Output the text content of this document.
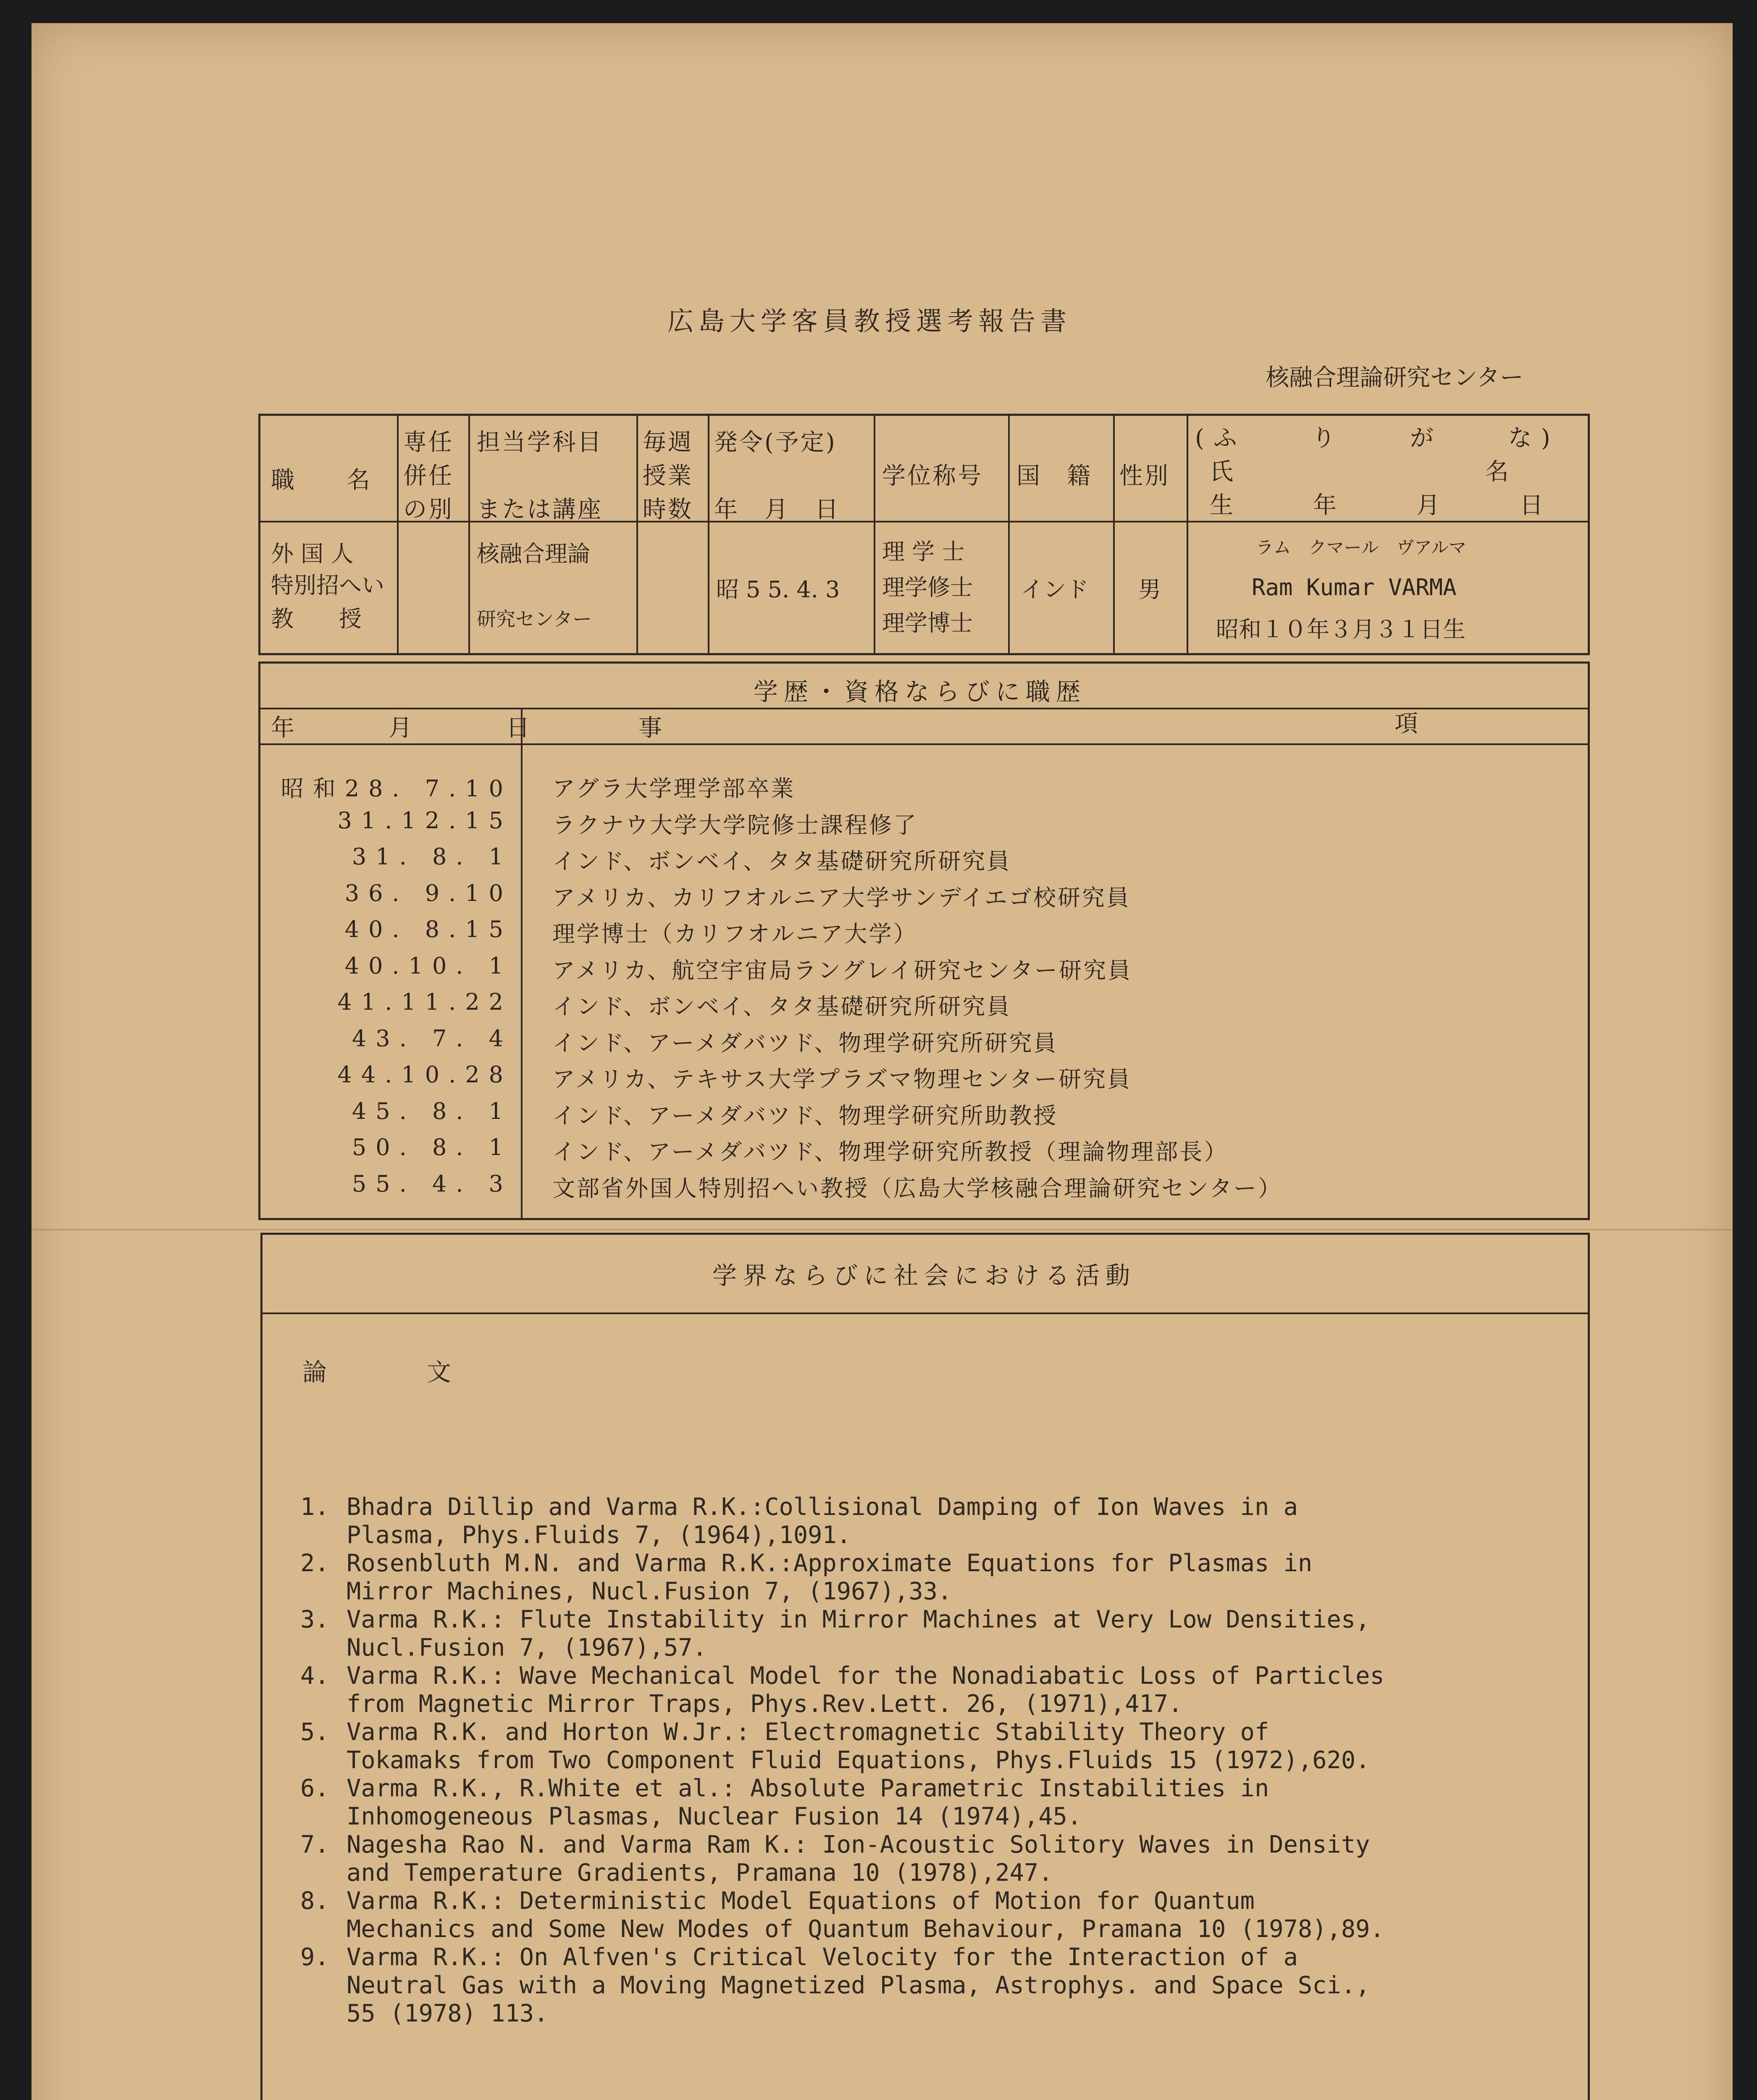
広島大学客員教授選考報告書
核融合理論研究センター
職　　名
専任
併任
の別
担当学科目
または講座
毎週
授業
時数
発令(予定)
年　月　日
学位称号 国　籍 性別
(ふ　　り　　が　　な)
氏　　　　　　　名
生　　年　　月　　日
外 国 人
特別招へい
教　　授
核融合理論
研究センター
昭 5 5. 4. 3
理 学 士
理学修士
理学博士
インド 男
ラム　クマール　ヴアルマ
Ram Kumar VARMA
昭和１０年３月３１日生
学歴・資格ならびに職歴
年　　　月　　　日	事	項
昭和28. 7.10 アグラ大学理学部卒業
31.12.15 ラクナウ大学大学院修士課程修了
31. 8. 1 インド、ボンベイ、タタ基礎研究所研究員
36. 9.10 アメリカ、カリフオルニア大学サンデイエゴ校研究員
40. 8.15 理学博士（カリフオルニア大学）
40.10. 1 アメリカ、航空宇宙局ラングレイ研究センター研究員
41.11.22 インド、ボンベイ、タタ基礎研究所研究員
43. 7. 4 インド、アーメダバツド、物理学研究所研究員
44.10.28 アメリカ、テキサス大学プラズマ物理センター研究員
45. 8. 1 インド、アーメダバツド、物理学研究所助教授
50. 8. 1 インド、アーメダバツド、物理学研究所教授（理論物理部長）
55. 4. 3 文部省外国人特別招へい教授（広島大学核融合理論研究センター）
学界ならびに社会における活動
論　文
1. Bhadra Dillip and Varma R.K.:Collisional Damping of Ion Waves in a
Plasma, Phys.Fluids 7, (1964),1091.
2. Rosenbluth M.N. and Varma R.K.:Approximate Equations for Plasmas in
Mirror Machines, Nucl.Fusion 7, (1967),33.
3. Varma R.K.: Flute Instability in Mirror Machines at Very Low Densities,
Nucl.Fusion 7, (1967),57.
4. Varma R.K.: Wave Mechanical Model for the Nonadiabatic Loss of Particles
from Magnetic Mirror Traps, Phys.Rev.Lett. 26, (1971),417.
5. Varma R.K. and Horton W.Jr.: Electromagnetic Stability Theory of
Tokamaks from Two Component Fluid Equations, Phys.Fluids 15 (1972),620.
6. Varma R.K., R.White et al.: Absolute Parametric Instabilities in
Inhomogeneous Plasmas, Nuclear Fusion 14 (1974),45.
7. Nagesha Rao N. and Varma Ram K.: Ion-Acoustic Solitory Waves in Density
and Temperature Gradients, Pramana 10 (1978),247.
8. Varma R.K.: Deterministic Model Equations of Motion for Quantum
Mechanics and Some New Modes of Quantum Behaviour, Pramana 10 (1978),89.
9. Varma R.K.: On Alfven's Critical Velocity for the Interaction of a
Neutral Gas with a Moving Magnetized Plasma, Astrophys. and Space Sci.,
55 (1978) 113.
